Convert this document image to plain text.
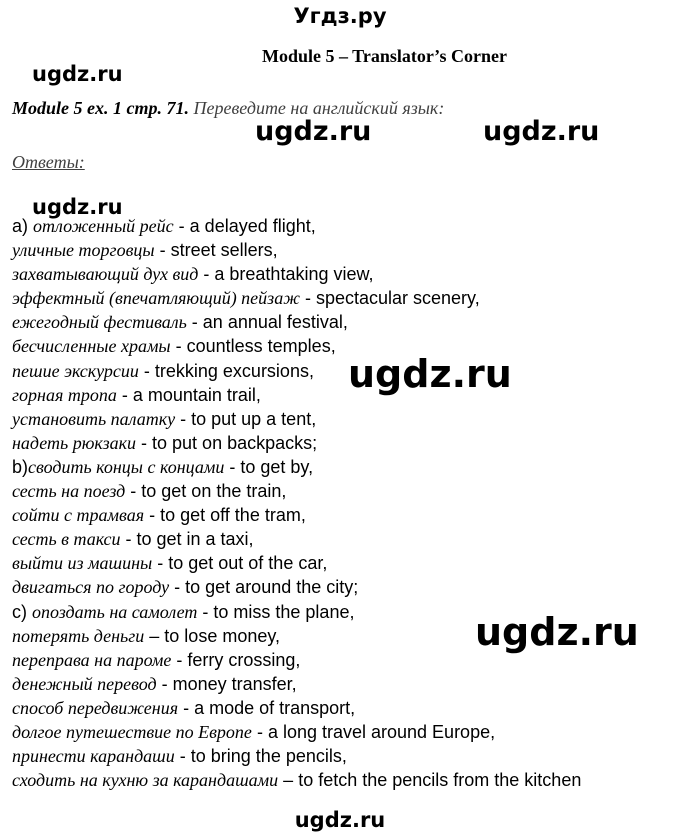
Угдз.ру
Module 5 – Translator’s Corner
Module 5 ex. 1 стр. 71. Переведите на английский язык:
Ответы:
а) отложенный рейс - a delayed flight,
уличные торговцы - street sellers,
захватывающий дух вид - a breathtaking view,
эффектный (впечатляющий) пейзаж - spectacular scenery,
ежегодный фестиваль - an annual festival,
бесчисленные храмы - countless temples,
пешие экскурсии - trekking excursions,
горная тропа - a mountain trail,
установить палатку - to put up a tent,
надеть рюкзаки - to put on backpacks;
b)сводить концы с концами - to get by,
сесть на поезд - to get on the train,
сойти с трамвая - to get off the tram,
сесть в такси - to get in a taxi,
выйти из машины - to get out of the car,
двигаться по городу - to get around the city;
c) опоздать на самолет - to miss the plane,
потерять деньги – to lose money,
переправа на пароме - ferry crossing,
денежный перевод - money transfer,
способ передвижения - a mode of transport,
долгое путешествие по Европе - a long travel around Europe,
принести карандаши - to bring the pencils,
сходить на кухню за карандашами – to fetch the pencils from the kitchen
ugdz.ru
ugdz.ru	ugdz.ru
ugdz.ru
ugdz.ru
ugdz.ru
ugdz.ru
